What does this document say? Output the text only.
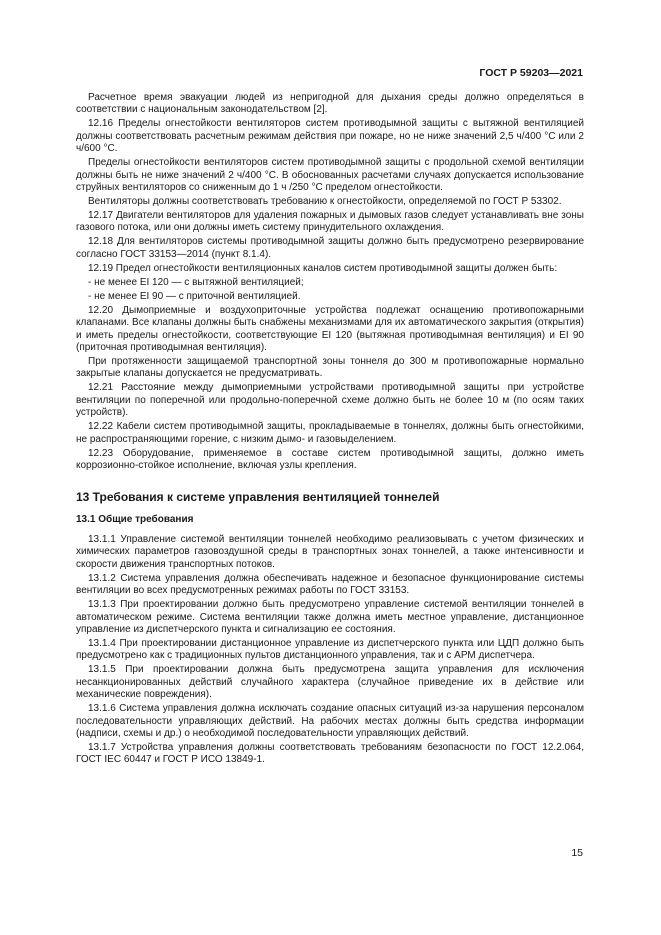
ГОСТ Р 59203—2021

Расчетное время эвакуации людей из непригодной для дыхания среды должно определяться в соответствии с национальным законодательством [2].

12.16 Пределы огнестойкости вентиляторов систем противодымной защиты с вытяжной вентиляцией должны соответствовать расчетным режимам действия при пожаре, но не ниже значений 2,5 ч/400 °С или 2 ч/600 °С.

Пределы огнестойкости вентиляторов систем противодымной защиты с продольной схемой вентиляции должны быть не ниже значений 2 ч/400 °С. В обоснованных расчетами случаях допускается использование струйных вентиляторов со сниженным до 1 ч /250 °С пределом огнестойкости.

Вентиляторы должны соответствовать требованию к огнестойкости, определяемой по ГОСТ Р 53302.

12.17 Двигатели вентиляторов для удаления пожарных и дымовых газов следует устанавливать вне зоны газового потока, или они должны иметь систему принудительного охлаждения.

12.18 Для вентиляторов системы противодымной защиты должно быть предусмотрено резервирование согласно ГОСТ 33153—2014 (пункт 8.1.4).

12.19 Предел огнестойкости вентиляционных каналов систем противодымной защиты должен быть:

- не менее EI 120 — с вытяжной вентиляцией;

- не менее EI 90 — с приточной вентиляцией.

12.20 Дымоприемные и воздухоприточные устройства подлежат оснащению противопожарными клапанами. Все клапаны должны быть снабжены механизмами для их автоматического закрытия (открытия) и иметь пределы огнестойкости, соответствующие EI 120 (вытяжная противодымная вентиляция) и EI 90 (приточная противодымная вентиляция).

При протяженности защищаемой транспортной зоны тоннеля до 300 м противопожарные нормально закрытые клапаны допускается не предусматривать.

12.21 Расстояние между дымоприемными устройствами противодымной защиты при устройстве вентиляции по поперечной или продольно-поперечной схеме должно быть не более 10 м (по осям таких устройств).

12.22 Кабели систем противодымной защиты, прокладываемые в тоннелях, должны быть огнестойкими, не распространяющими горение, с низким дымо- и газовыделением.

12.23 Оборудование, применяемое в составе систем противодымной защиты, должно иметь коррозионно-стойкое исполнение, включая узлы крепления.

13 Требования к системе управления вентиляцией тоннелей
13.1 Общие требования

13.1.1 Управление системой вентиляции тоннелей необходимо реализовывать с учетом физических и химических параметров газовоздушной среды в транспортных зонах тоннелей, а также интенсивности и скорости движения транспортных потоков.

13.1.2 Система управления должна обеспечивать надежное и безопасное функционирование системы вентиляции во всех предусмотренных режимах работы по ГОСТ 33153.

13.1.3 При проектировании должно быть предусмотрено управление системой вентиляции тоннелей в автоматическом режиме. Система вентиляции также должна иметь местное управление, дистанционное управление из диспетчерского пункта и сигнализацию ее состояния.

13.1.4 При проектировании дистанционное управление из диспетчерского пункта или ЦДП должно быть предусмотрено как с традиционных пультов дистанционного управления, так и с АРМ диспетчера.

13.1.5 При проектировании должна быть предусмотрена защита управления для исключения несанкционированных действий случайного характера (случайное приведение их в действие или механические повреждения).

13.1.6 Система управления должна исключать создание опасных ситуаций из-за нарушения персоналом последовательности управляющих действий. На рабочих местах должны быть средства информации (надписи, схемы и др.) о необходимой последовательности управляющих действий.

13.1.7 Устройства управления должны соответствовать требованиям безопасности по ГОСТ 12.2.064, ГОСТ IEC 60447 и ГОСТ Р ИСО 13849-1.

15
